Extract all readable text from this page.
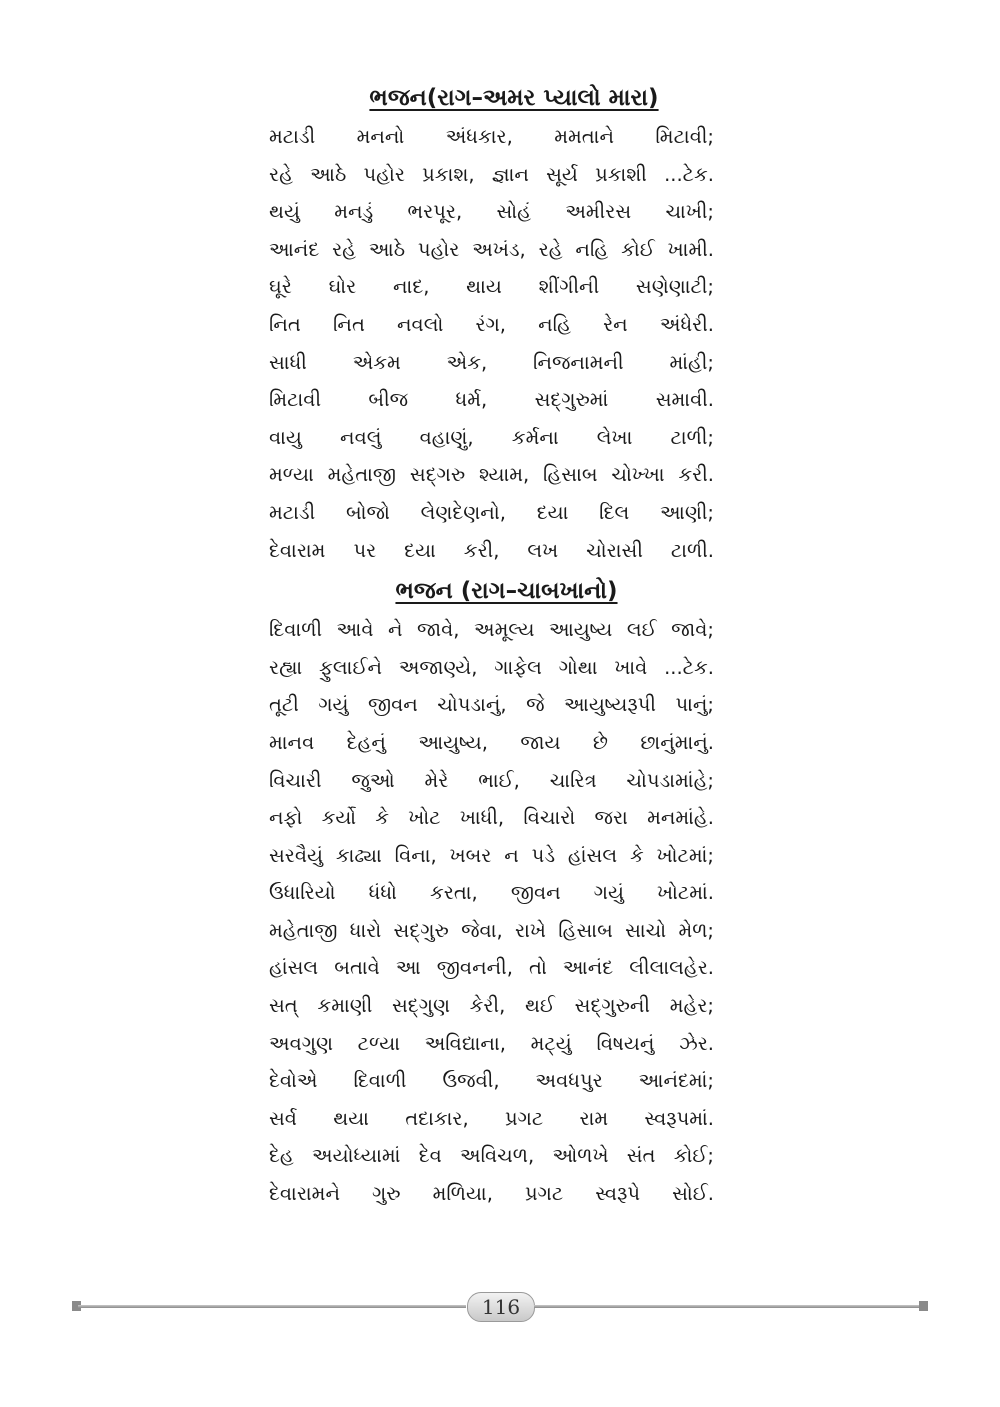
ભજન(રાગ–અમર પ્યાલો મારા)
મટાડી મનનો અંધકાર, મમતાને મિટાવી;
રહે આઠે પહોર પ્રકાશ, જ્ઞાન સૂર્ય પ્રકાશી ...ટેક.
થયું મનડું ભરપૂર, સોહં અમીરસ ચાખી;
આનંદ રહે આઠે પહોર અખંડ, રહે નહિ કોઈ ખામી.
ઘૂરે ઘોર નાદ, થાય શીંગીની સણેણાટી;
નિત નિત નવલો રંગ, નહિ રેન અંધેરી.
સાધી એકમ એક, નિજનામની માંહી;
મિટાવી બીજ ધર્મ, સદ્ગુરુમાં સમાવી.
વાયુ નવલું વહાણું, કર્મના લેખા ટાળી;
મળ્યા મહેતાજી સદ્ગરુ શ્યામ, હિસાબ ચોખ્ખા કરી.
મટાડી બોજો લેણદેણનો, દયા દિલ આણી;
દેવારામ પર દયા કરી, લખ ચોરાસી ટાળી.
ભજન (રાગ–ચાબખાનો)
દિવાળી આવે ને જાવે, અમૂલ્ય આયુષ્ય લઈ જાવે;
રહ્યા ફુલાઈને અજાણ્યે, ગાફેલ ગોથા ખાવે ...ટેક.
તૂટી ગયું જીવન ચોપડાનું, જે આયુષ્યરૂપી પાનું;
માનવ દેહનું આયુષ્ય, જાય છે છાનુંમાનું.
વિચારી જુઓ મેરે ભાઈ, ચારિત્ર ચોપડામાંહે;
નફો કર્યો કે ખોટ ખાધી, વિચારો જરા મનમાંહે.
સરવૈયું કાઢ્યા વિના, ખબર ન પડે હાંસલ કે ખોટમાં;
ઉધારિયો ધંધો કરતા, જીવન ગયું ખોટમાં.
મહેતાજી ધારો સદ્ગુરુ જેવા, રાખે હિસાબ સાચો મેળ;
હાંસલ બતાવે આ જીવનની, તો આનંદ લીલાલહેર.
સત્ કમાણી સદ્ગુણ કેરી, થઈ સદ્ગુરુની મહેર;
અવગુણ ટળ્યા અવિદ્યાના, મટ્યું વિષયનું ઝેર.
દેવોએ દિવાળી ઉજવી, અવધપુર આનંદમાં;
સર્વ થયા તદાકાર, પ્રગટ રામ સ્વરૂપમાં.
દેહ અયોધ્યામાં દેવ અવિચળ, ઓળખે સંત કોઈ;
દેવારામને ગુરુ મળિયા, પ્રગટ સ્વરૂપે સોઈ.
116
